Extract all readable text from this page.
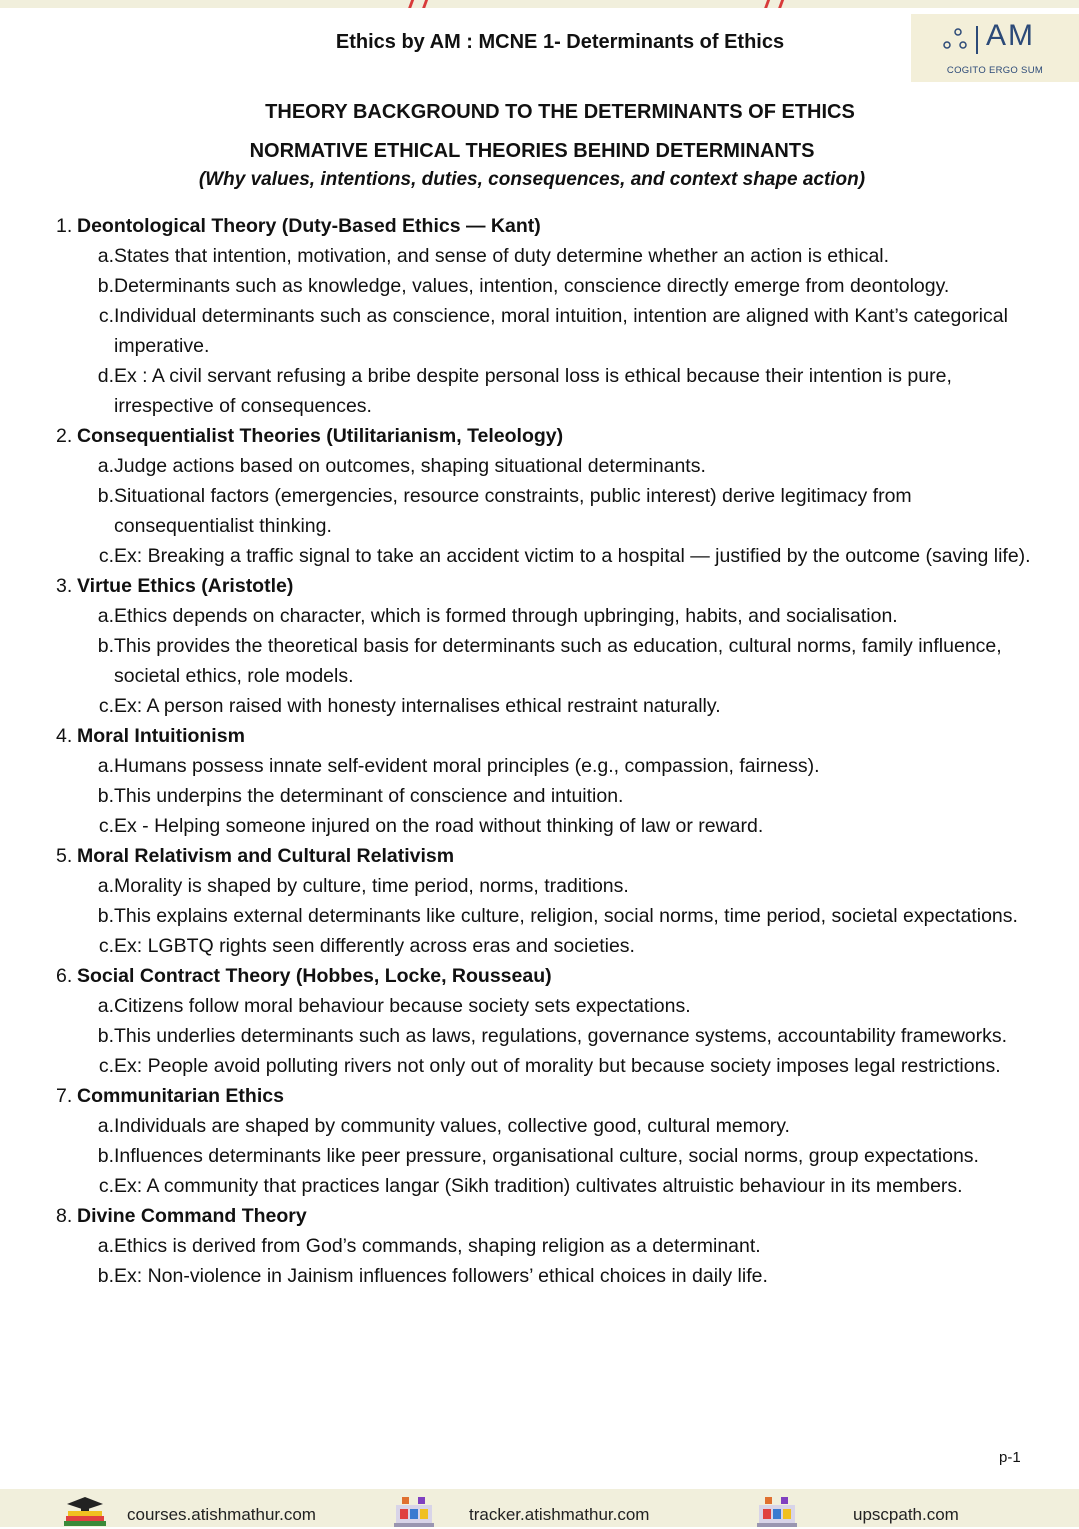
Ethics by AM : MCNE 1- Determinants of Ethics	AM
COGITO ERGO SUM
THEORY BACKGROUND TO THE DETERMINANTS OF ETHICS
NORMATIVE ETHICAL THEORIES BEHIND DETERMINANTS
(Why values, intentions, duties, consequences, and context shape action)
1. Deontological Theory (Duty-Based Ethics — Kant)
a. States that intention, motivation, and sense of duty determine whether an action is ethical.
b. Determinants such as knowledge, values, intention, conscience directly emerge from deontology.
c. Individual determinants such as conscience, moral intuition, intention are aligned with Kant’s categorical imperative.
d. Ex : A civil servant refusing a bribe despite personal loss is ethical because their intention is pure, irrespective of consequences.
2. Consequentialist Theories (Utilitarianism, Teleology)
a. Judge actions based on outcomes, shaping situational determinants.
b. Situational factors (emergencies, resource constraints, public interest) derive legitimacy from consequentialist thinking.
c. Ex: Breaking a traffic signal to take an accident victim to a hospital — justified by the outcome (saving life).
3. Virtue Ethics (Aristotle)
a. Ethics depends on character, which is formed through upbringing, habits, and socialisation.
b. This provides the theoretical basis for determinants such as education, cultural norms, family influence, societal ethics, role models.
c. Ex: A person raised with honesty internalises ethical restraint naturally.
4. Moral Intuitionism
a. Humans possess innate self-evident moral principles (e.g., compassion, fairness).
b. This underpins the determinant of conscience and intuition.
c. Ex - Helping someone injured on the road without thinking of law or reward.
5. Moral Relativism and Cultural Relativism
a. Morality is shaped by culture, time period, norms, traditions.
b. This explains external determinants like culture, religion, social norms, time period, societal expectations.
c. Ex: LGBTQ rights seen differently across eras and societies.
6. Social Contract Theory (Hobbes, Locke, Rousseau)
a. Citizens follow moral behaviour because society sets expectations.
b. This underlies determinants such as laws, regulations, governance systems, accountability frameworks.
c. Ex: People avoid polluting rivers not only out of morality but because society imposes legal restrictions.
7. Communitarian Ethics
a. Individuals are shaped by community values, collective good, cultural memory.
b. Influences determinants like peer pressure, organisational culture, social norms, group expectations.
c. Ex: A community that practices langar (Sikh tradition) cultivates altruistic behaviour in its members.
8. Divine Command Theory
a. Ethics is derived from God’s commands, shaping religion as a determinant.
b. Ex: Non-violence in Jainism influences followers’ ethical choices in daily life.
p-1
courses.atishmathur.com	tracker.atishmathur.com	upscpath.com
